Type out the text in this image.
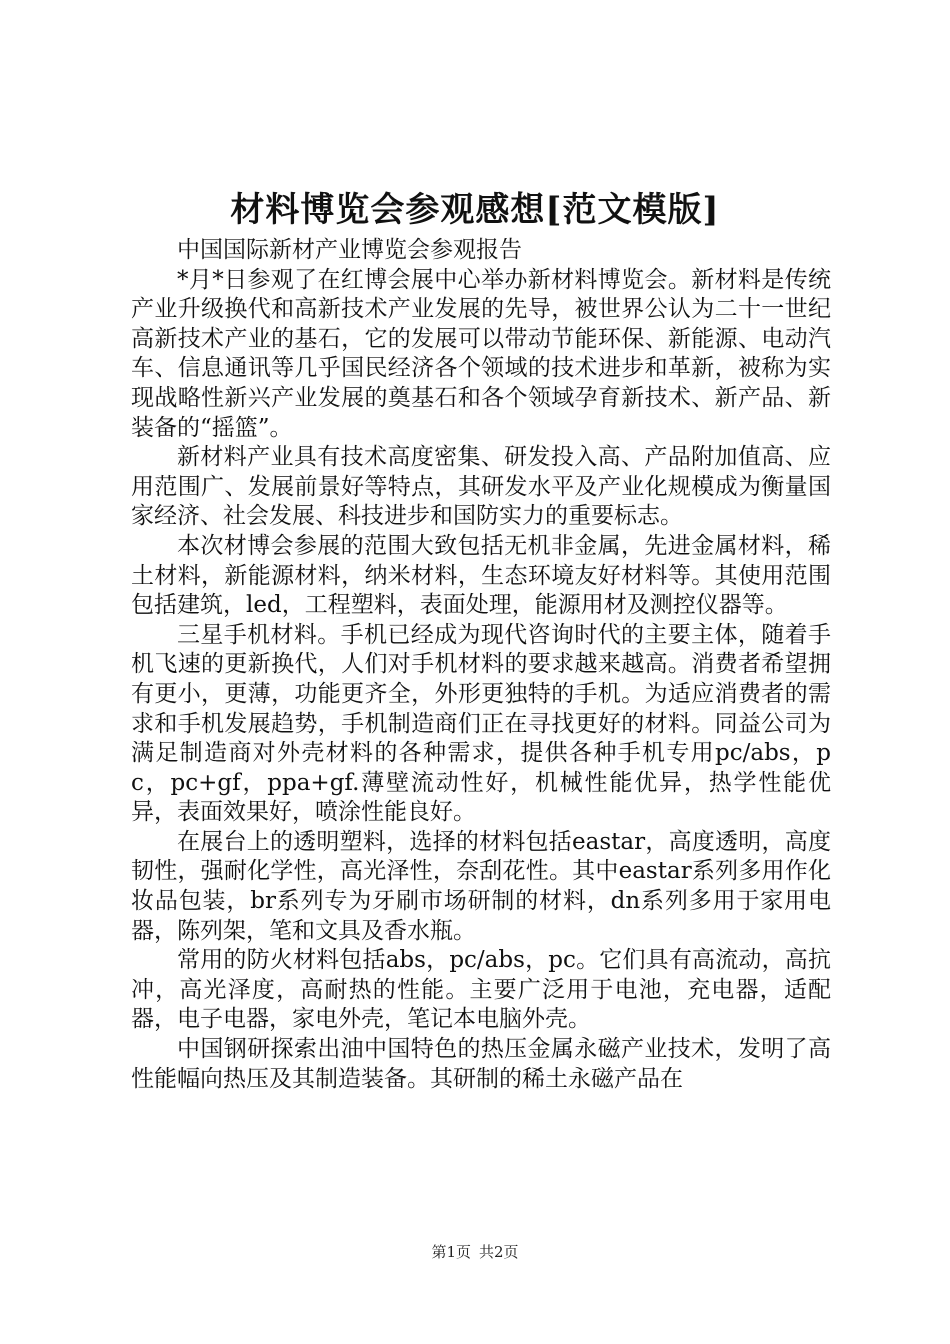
材料博览会参观感想[范文模版]

中国国际新材产业博览会参观报告

*月*日参观了在红博会展中心举办新材料博览会。新材料是传统产业升级换代和高新技术产业发展的先导，被世界公认为二十一世纪高新技术产业的基石，它的发展可以带动节能环保、新能源、电动汽车、信息通讯等几乎国民经济各个领域的技术进步和革新，被称为实现战略性新兴产业发展的奠基石和各个领域孕育新技术、新产品、新装备的“摇篮”。

新材料产业具有技术高度密集、研发投入高、产品附加值高、应用范围广、发展前景好等特点，其研发水平及产业化规模成为衡量国家经济、社会发展、科技进步和国防实力的重要标志。

本次材博会参展的范围大致包括无机非金属，先进金属材料，稀土材料，新能源材料，纳米材料，生态环境友好材料等。其使用范围包括建筑，led，工程塑料，表面处理，能源用材及测控仪器等。

三星手机材料。手机已经成为现代咨询时代的主要主体，随着手机飞速的更新换代，人们对手机材料的要求越来越高。消费者希望拥有更小，更薄，功能更齐全，外形更独特的手机。为适应消费者的需求和手机发展趋势，手机制造商们正在寻找更好的材料。同益公司为满足制造商对外壳材料的各种需求，提供各种手机专用pc/abs，pc，pc+gf，ppa+gf.薄壁流动性好，机械性能优异，热学性能优异，表面效果好，喷涂性能良好。

在展台上的透明塑料，选择的材料包括eastar，高度透明，高度韧性，强耐化学性，高光泽性，奈刮花性。其中eastar系列多用作化妆品包装，br系列专为牙刷市场研制的材料，dn系列多用于家用电器，陈列架，笔和文具及香水瓶。

常用的防火材料包括abs，pc/abs，pc。它们具有高流动，高抗冲，高光泽度，高耐热的性能。主要广泛用于电池，充电器，适配器，电子电器，家电外壳，笔记本电脑外壳。

中国钢研探索出油中国特色的热压金属永磁产业技术，发明了高性能幅向热压及其制造装备。其研制的稀土永磁产品在

第1页 共2页
